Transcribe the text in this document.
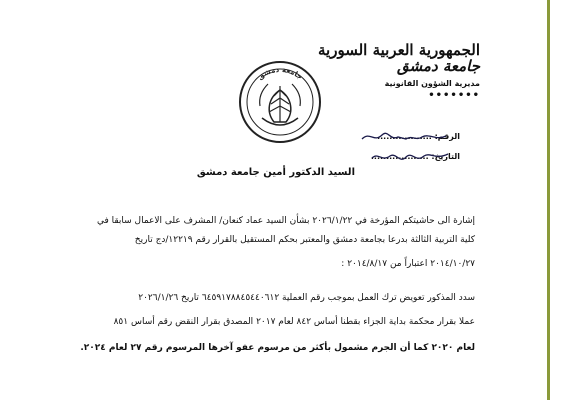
الجمهورية العربية السورية
جامعة دمشق
مديرية الشؤون القانونية
•••••••
جامعة دمشق
الرقم: ..................
التاريخ: ...................
السيد الدكتور أمين جامعة دمشق
إشارة الى حاشيتكم المؤرخة في ٢٠٢٦/١/٢٢ بشأن السيد عماد كنعان/ المشرف على الاعمال سابقا في
كلية التربية الثالثة بدرعا بجامعة دمشق والمعتبر بحكم المستقيل بالقرار رقم ١٢٢١٩/دج تاريخ
٢٠١٤/١٠/٢٧ اعتباراً من ٢٠١٤/٨/١٧ :
سدد المذكور تعويض ترك العمل بموجب رقم العملية ٦٤٥٩١٧٨٨٤٥٤٤٠٦١٢ تاريخ ٢٠٢٦/١/٢٦
عملا بقرار محكمة بداية الجزاء بقطنا أساس ٨٤٢ لعام ٢٠١٧ المصدق بقرار النقض رقم أساس ٨٥١
لعام ٢٠٢٠ كما أن الجرم مشمول بأكثر من مرسوم عفو آخرها المرسوم رقم ٢٧ لعام ٢٠٢٤.
